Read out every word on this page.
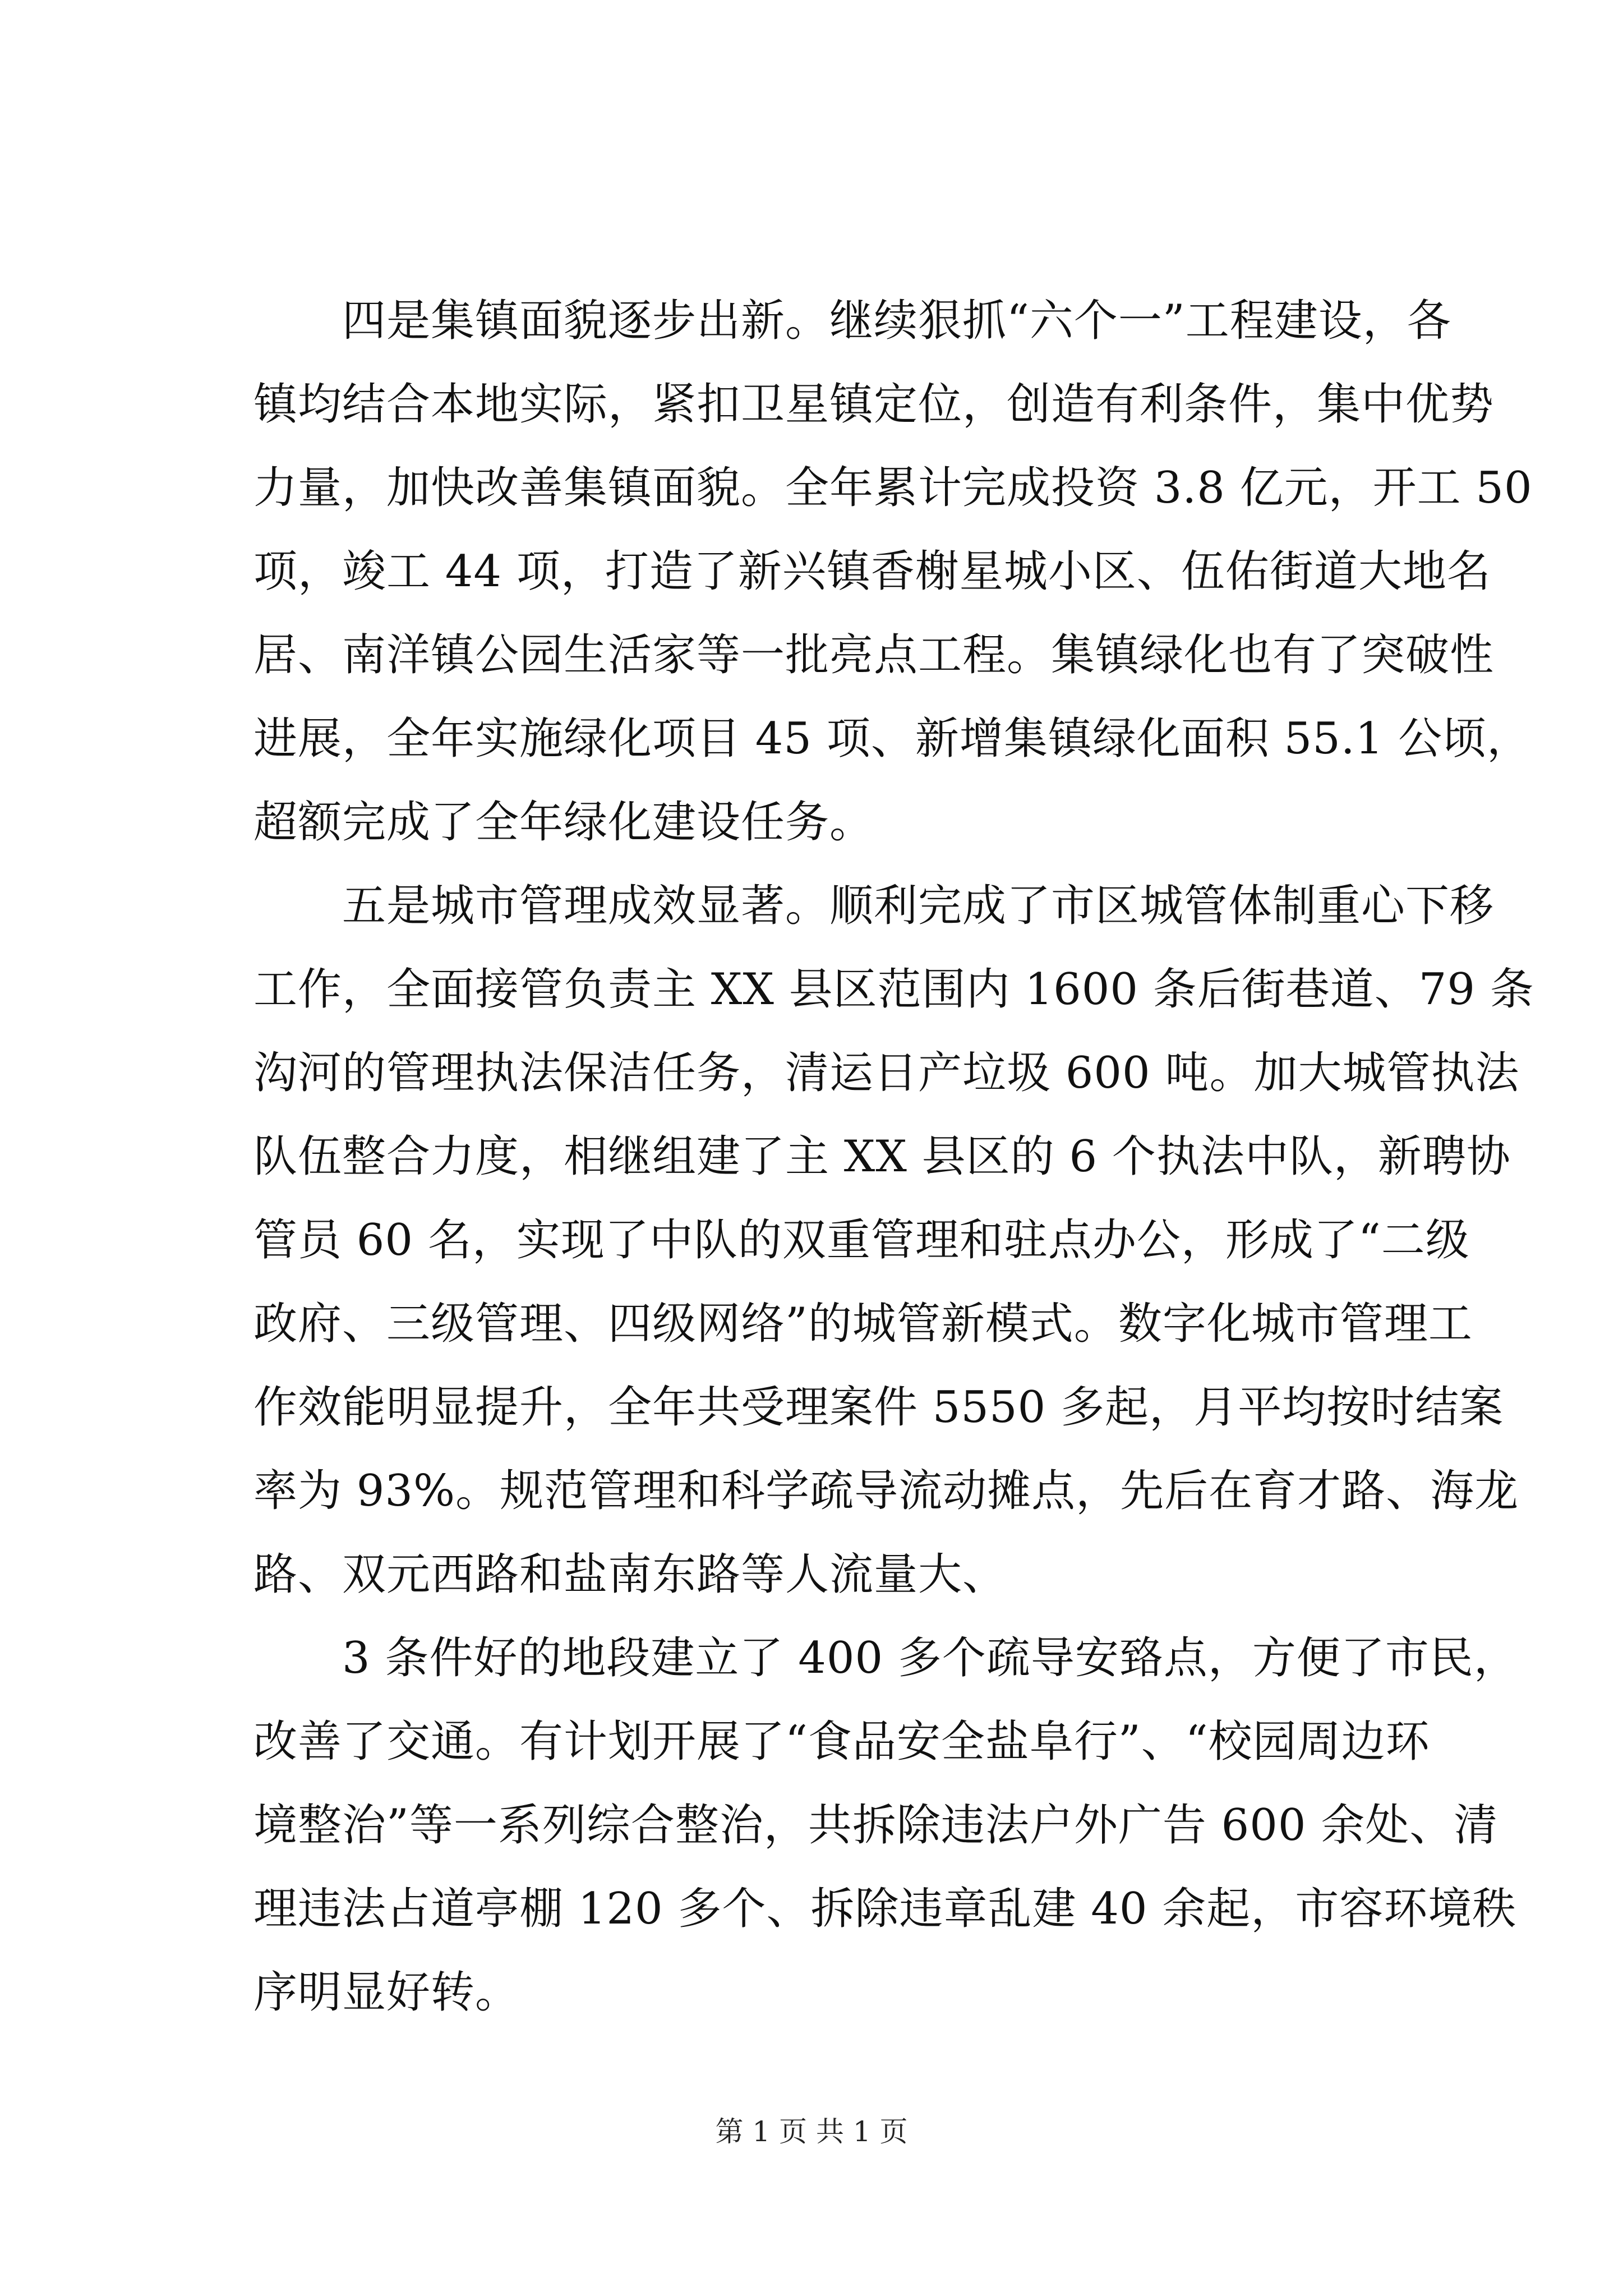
四是集镇面貌逐步出新。继续狠抓“六个一”工程建设，各
镇均结合本地实际，紧扣卫星镇定位，创造有利条件，集中优势
力量，加快改善集镇面貌。全年累计完成投资 3.8 亿元，开工 50
项，竣工 44 项，打造了新兴镇香榭星城小区、伍佑街道大地名
居、南洋镇公园生活家等一批亮点工程。集镇绿化也有了突破性
进展，全年实施绿化项目 45 项、新增集镇绿化面积 55.1 公顷，
超额完成了全年绿化建设任务。

五是城市管理成效显著。顺利完成了市区城管体制重心下移
工作，全面接管负责主 XX 县区范围内 1600 条后街巷道、79 条
沟河的管理执法保洁任务，清运日产垃圾 600 吨。加大城管执法
队伍整合力度，相继组建了主 XX 县区的 6 个执法中队，新聘协
管员 60 名，实现了中队的双重管理和驻点办公，形成了“二级
政府、三级管理、四级网络”的城管新模式。数字化城市管理工
作效能明显提升，全年共受理案件 5550 多起，月平均按时结案
率为 93%。规范管理和科学疏导流动摊点，先后在育才路、海龙
路、双元西路和盐南东路等人流量大、

3 条件好的地段建立了 400 多个疏导安臵点，方便了市民，
改善了交通。有计划开展了“食品安全盐阜行”、“校园周边环
境整治”等一系列综合整治，共拆除违法户外广告 600 余处、清
理违法占道亭棚 120 多个、拆除违章乱建 40 余起，市容环境秩
序明显好转。

第 1 页 共 1 页
